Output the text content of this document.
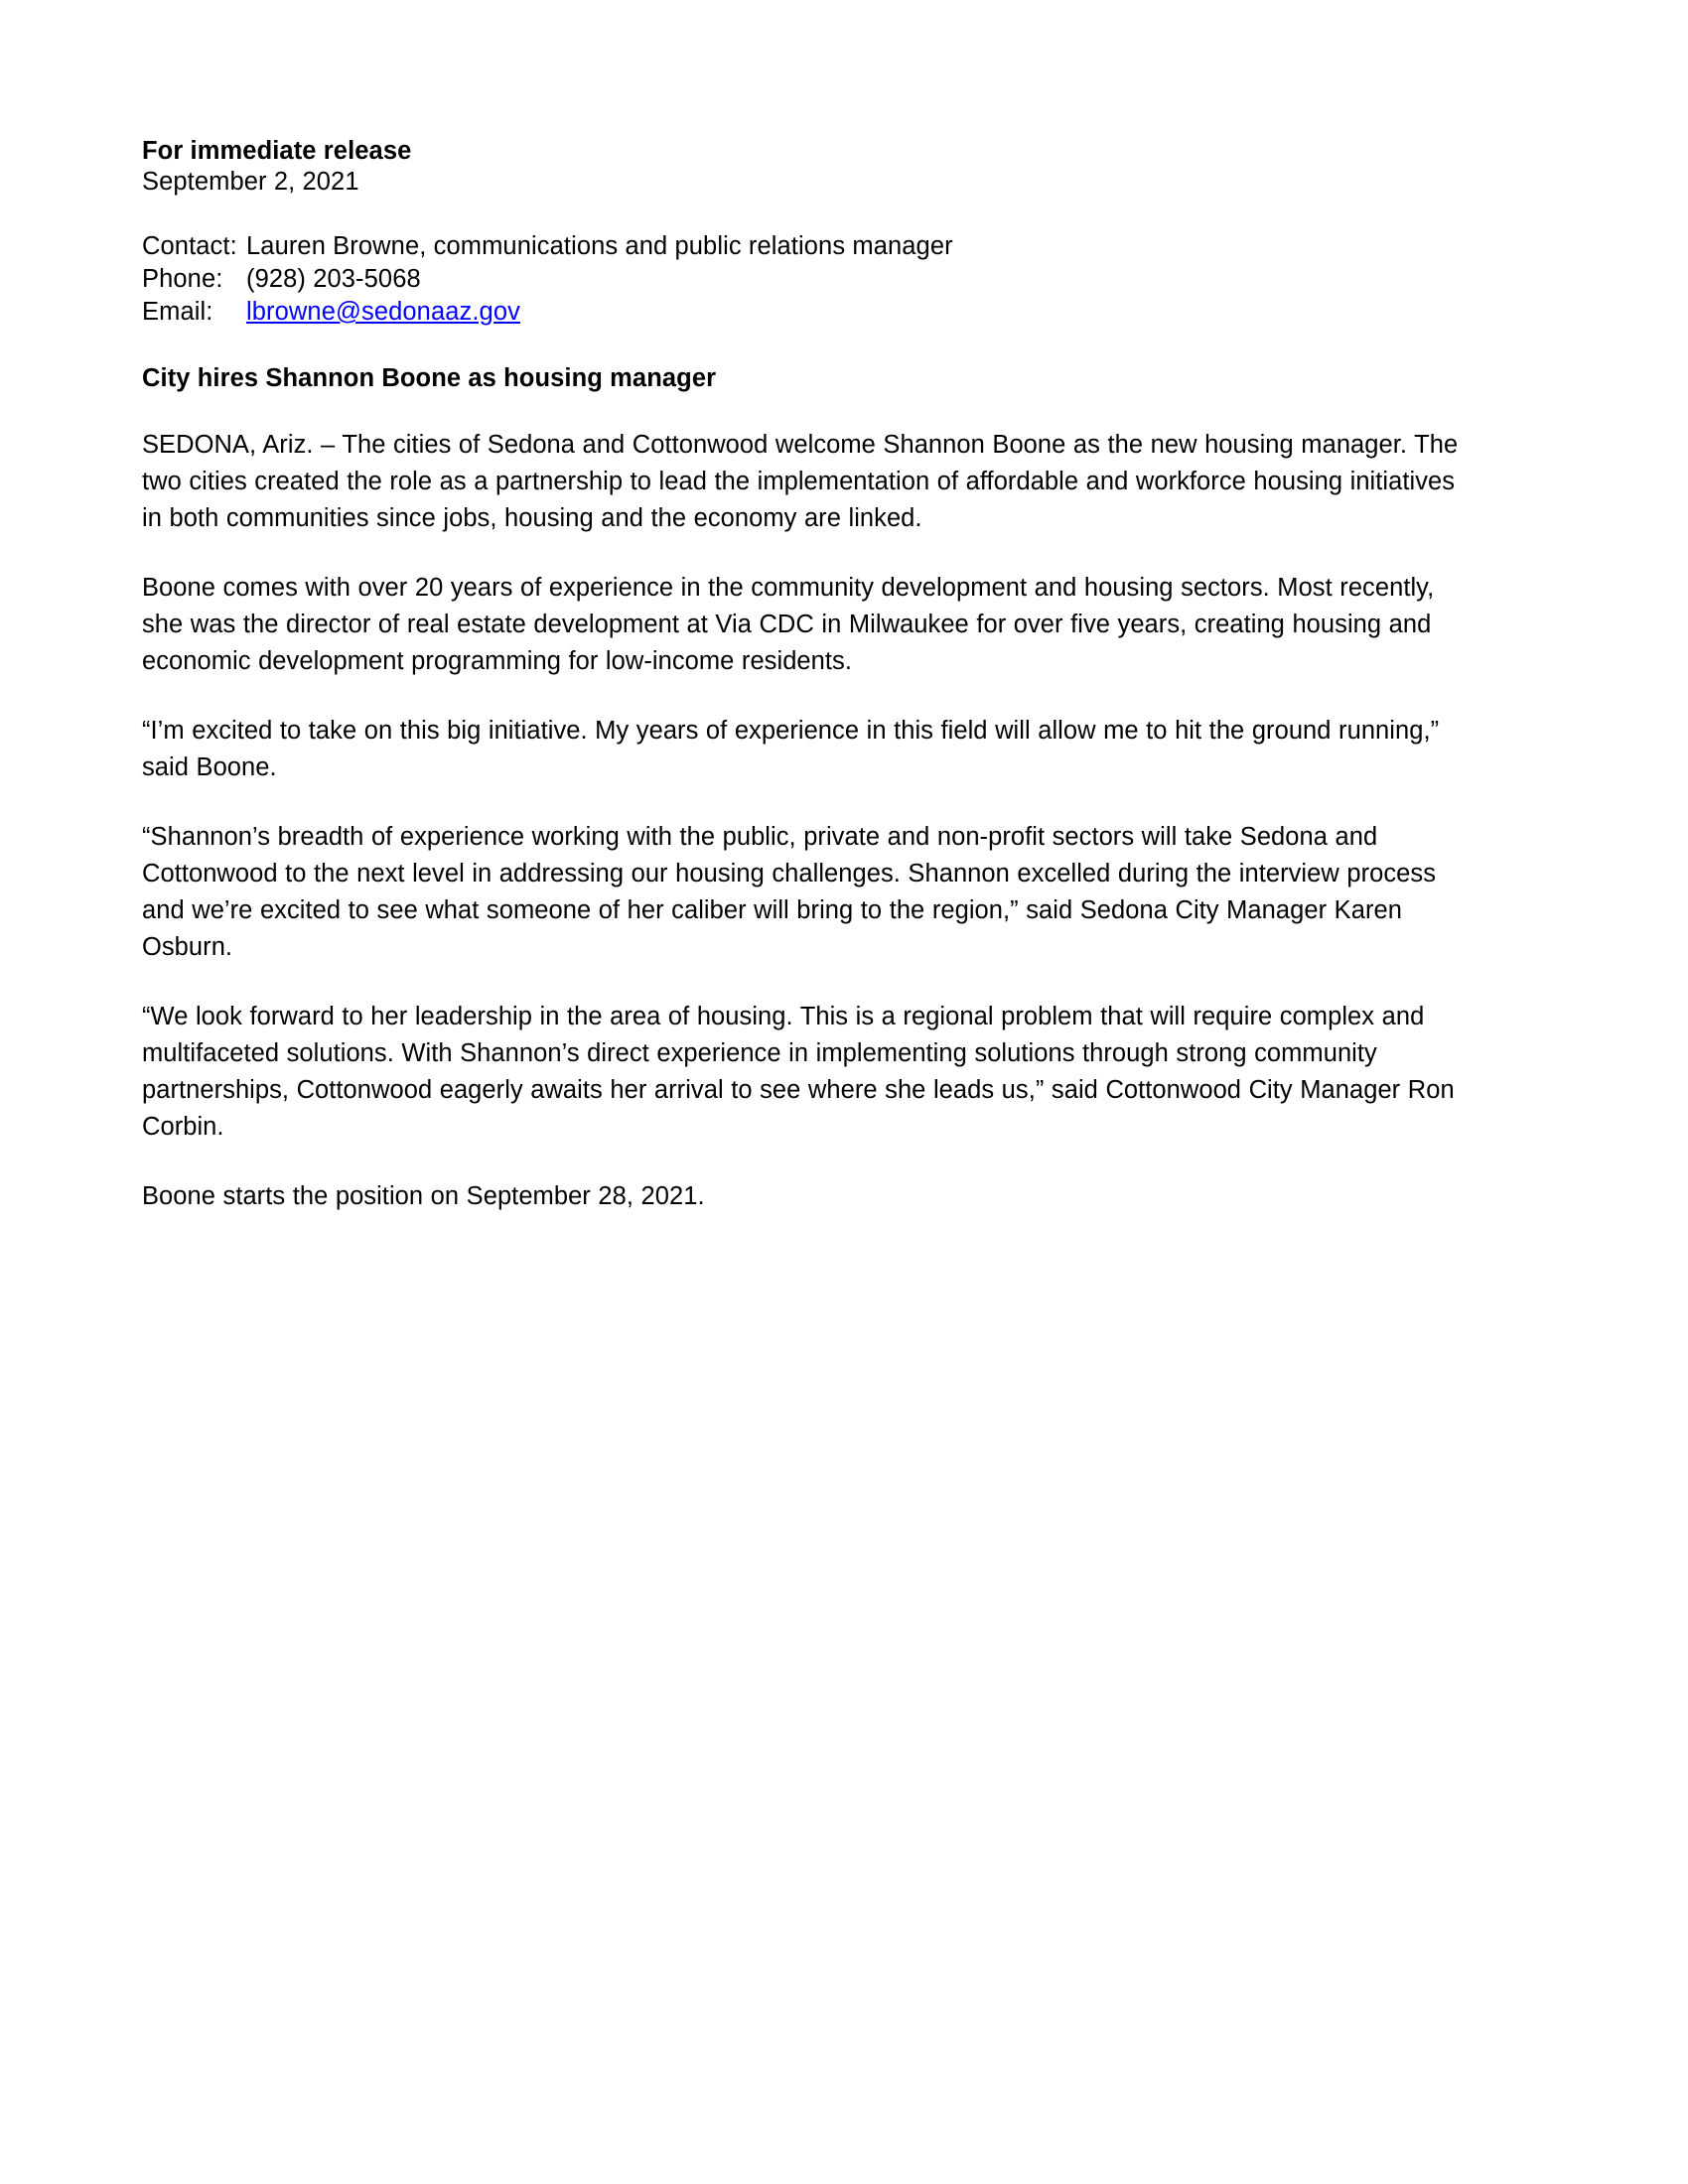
For immediate release
September 2, 2021
Contact: Lauren Browne, communications and public relations manager
Phone: (928) 203-5068
Email:	lbrowne@sedonaaz.gov
City hires Shannon Boone as housing manager
SEDONA, Ariz. – The cities of Sedona and Cottonwood welcome Shannon Boone as the new housing manager. The two cities created the role as a partnership to lead the implementation of affordable and workforce housing initiatives in both communities since jobs, housing and the economy are linked.
Boone comes with over 20 years of experience in the community development and housing sectors. Most recently, she was the director of real estate development at Via CDC in Milwaukee for over five years, creating housing and economic development programming for low-income residents.
“I’m excited to take on this big initiative. My years of experience in this field will allow me to hit the ground running,” said Boone.
“Shannon’s breadth of experience working with the public, private and non-profit sectors will take Sedona and Cottonwood to the next level in addressing our housing challenges. Shannon excelled during the interview process and we’re excited to see what someone of her caliber will bring to the region,” said Sedona City Manager Karen Osburn.
“We look forward to her leadership in the area of housing. This is a regional problem that will require complex and multifaceted solutions. With Shannon’s direct experience in implementing solutions through strong community partnerships, Cottonwood eagerly awaits her arrival to see where she leads us,” said Cottonwood City Manager Ron Corbin.
Boone starts the position on September 28, 2021.
